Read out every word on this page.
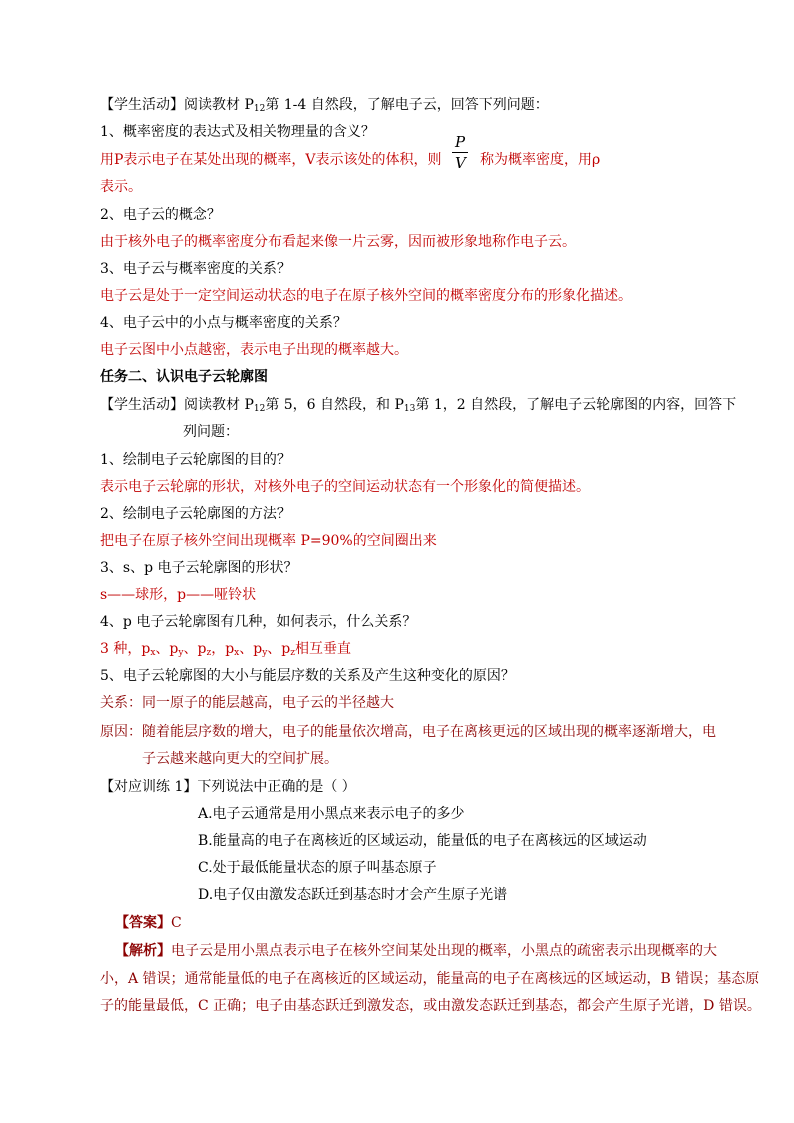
【学生活动】阅读教材 $P_{12}$第 1-4 自然段，了解电子云，回答下列问题：
1、概率密度的表达式及相关物理量的含义？
用P表示电子在某处出现的概率，V表示该处的体积，则
P
V 称为概率密度，用ρ
表示。
2、电子云的概念？
由于核外电子的概率密度分布看起来像一片云雾，因而被形象地称作电子云。
3、电子云与概率密度的关系？
电子云是处于一定空间运动状态的电子在原子核外空间的概率密度分布的形象化描述。
4、电子云中的小点与概率密度的关系？
电子云图中小点越密，表示电子出现的概率越大。
任务二、认识电子云轮廓图
【学生活动】阅读教材 $P_{12}$第 5，6 自然段，和 $P_{13}$第 1，2 自然段，了解电子云轮廓图的内容，回答下
列问题：
1、绘制电子云轮廓图的目的？
表示电子云轮廓的形状，对核外电子的空间运动状态有一个形象化的简便描述。
2、绘制电子云轮廓图的方法？
把电子在原子核外空间出现概率 P=90%的空间圈出来
3、s、p 电子云轮廓图的形状？
s——球形，p——哑铃状
4、p 电子云轮廓图有几种，如何表示，什么关系？
3 种，$p_x$、$p_y$、$p_z$，$p_x$、$p_y$、$p_z$相互垂直
5、电子云轮廓图的大小与能层序数的关系及产生这种变化的原因？
关系：同一原子的能层越高，电子云的半径越大
原因：随着能层序数的增大，电子的能量依次增高，电子在离核更远的区域出现的概率逐渐增大，电
子云越来越向更大的空间扩展。
【对应训练 1】下列说法中正确的是（ ）
A.电子云通常是用小黑点来表示电子的多少
B.能量高的电子在离核近的区域运动，能量低的电子在离核远的区域运动
C.处于最低能量状态的原子叫基态原子
D.电子仅由激发态跃迁到基态时才会产生原子光谱
【答案】C
【解析】电子云是用小黑点表示电子在核外空间某处出现的概率，小黑点的疏密表示出现概率的大
小，A 错误；通常能量低的电子在离核近的区域运动，能量高的电子在离核远的区域运动，B 错误；基态原
子的能量最低，C 正确；电子由基态跃迁到激发态，或由激发态跃迁到基态，都会产生原子光谱，D 错误。
